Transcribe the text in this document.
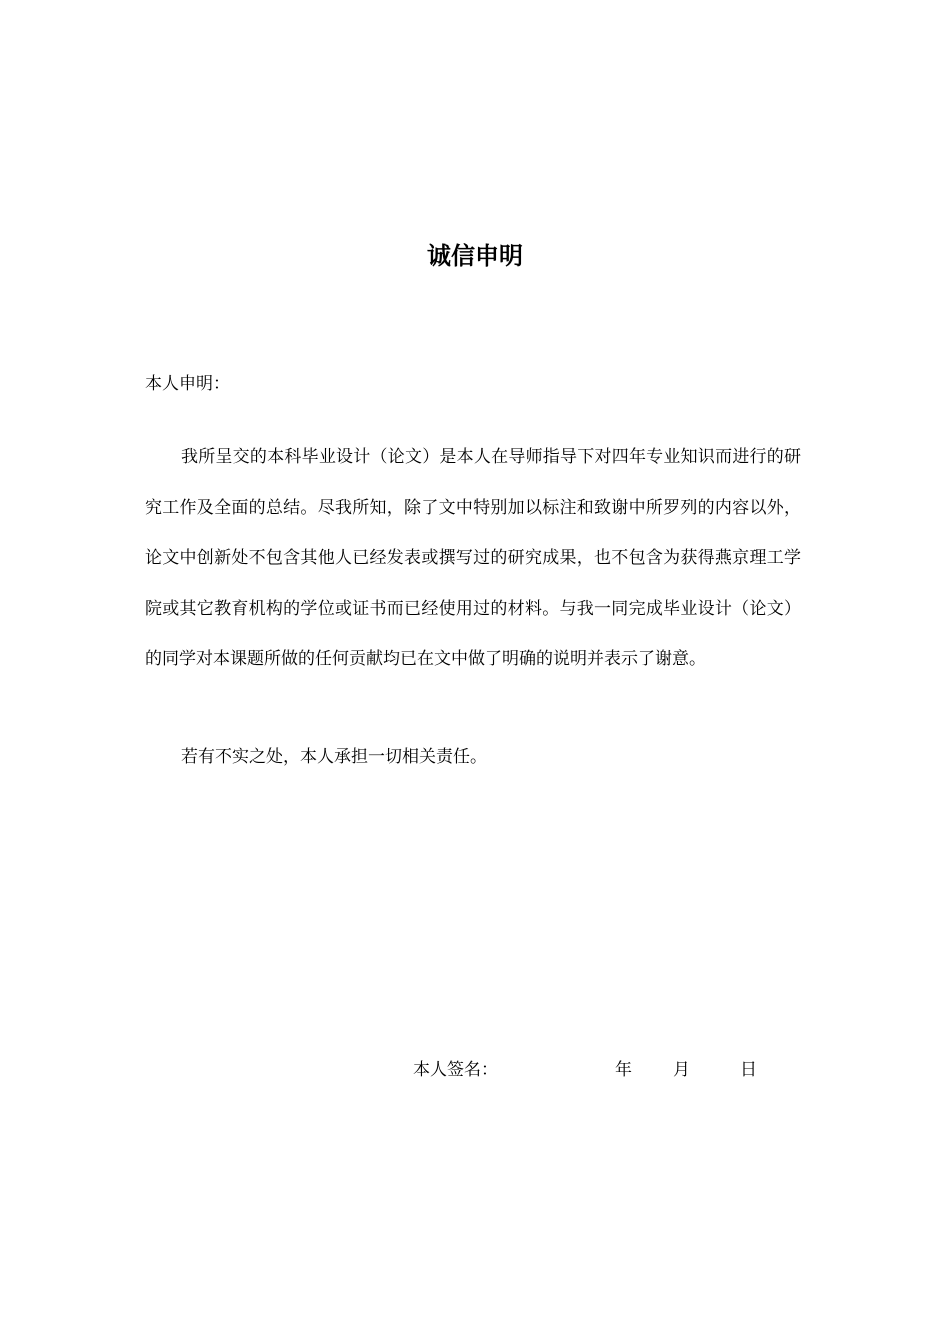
诚信申明

本人申明：

我所呈交的本科毕业设计（论文）是本人在导师指导下对四年专业知识而进行的研究工作及全面的总结。尽我所知，除了文中特别加以标注和致谢中所罗列的内容以外，论文中创新处不包含其他人已经发表或撰写过的研究成果，也不包含为获得燕京理工学院或其它教育机构的学位或证书而已经使用过的材料。与我一同完成毕业设计（论文）的同学对本课题所做的任何贡献均已在文中做了明确的说明并表示了谢意。

若有不实之处，本人承担一切相关责任。

本人签名：	年 月	日
